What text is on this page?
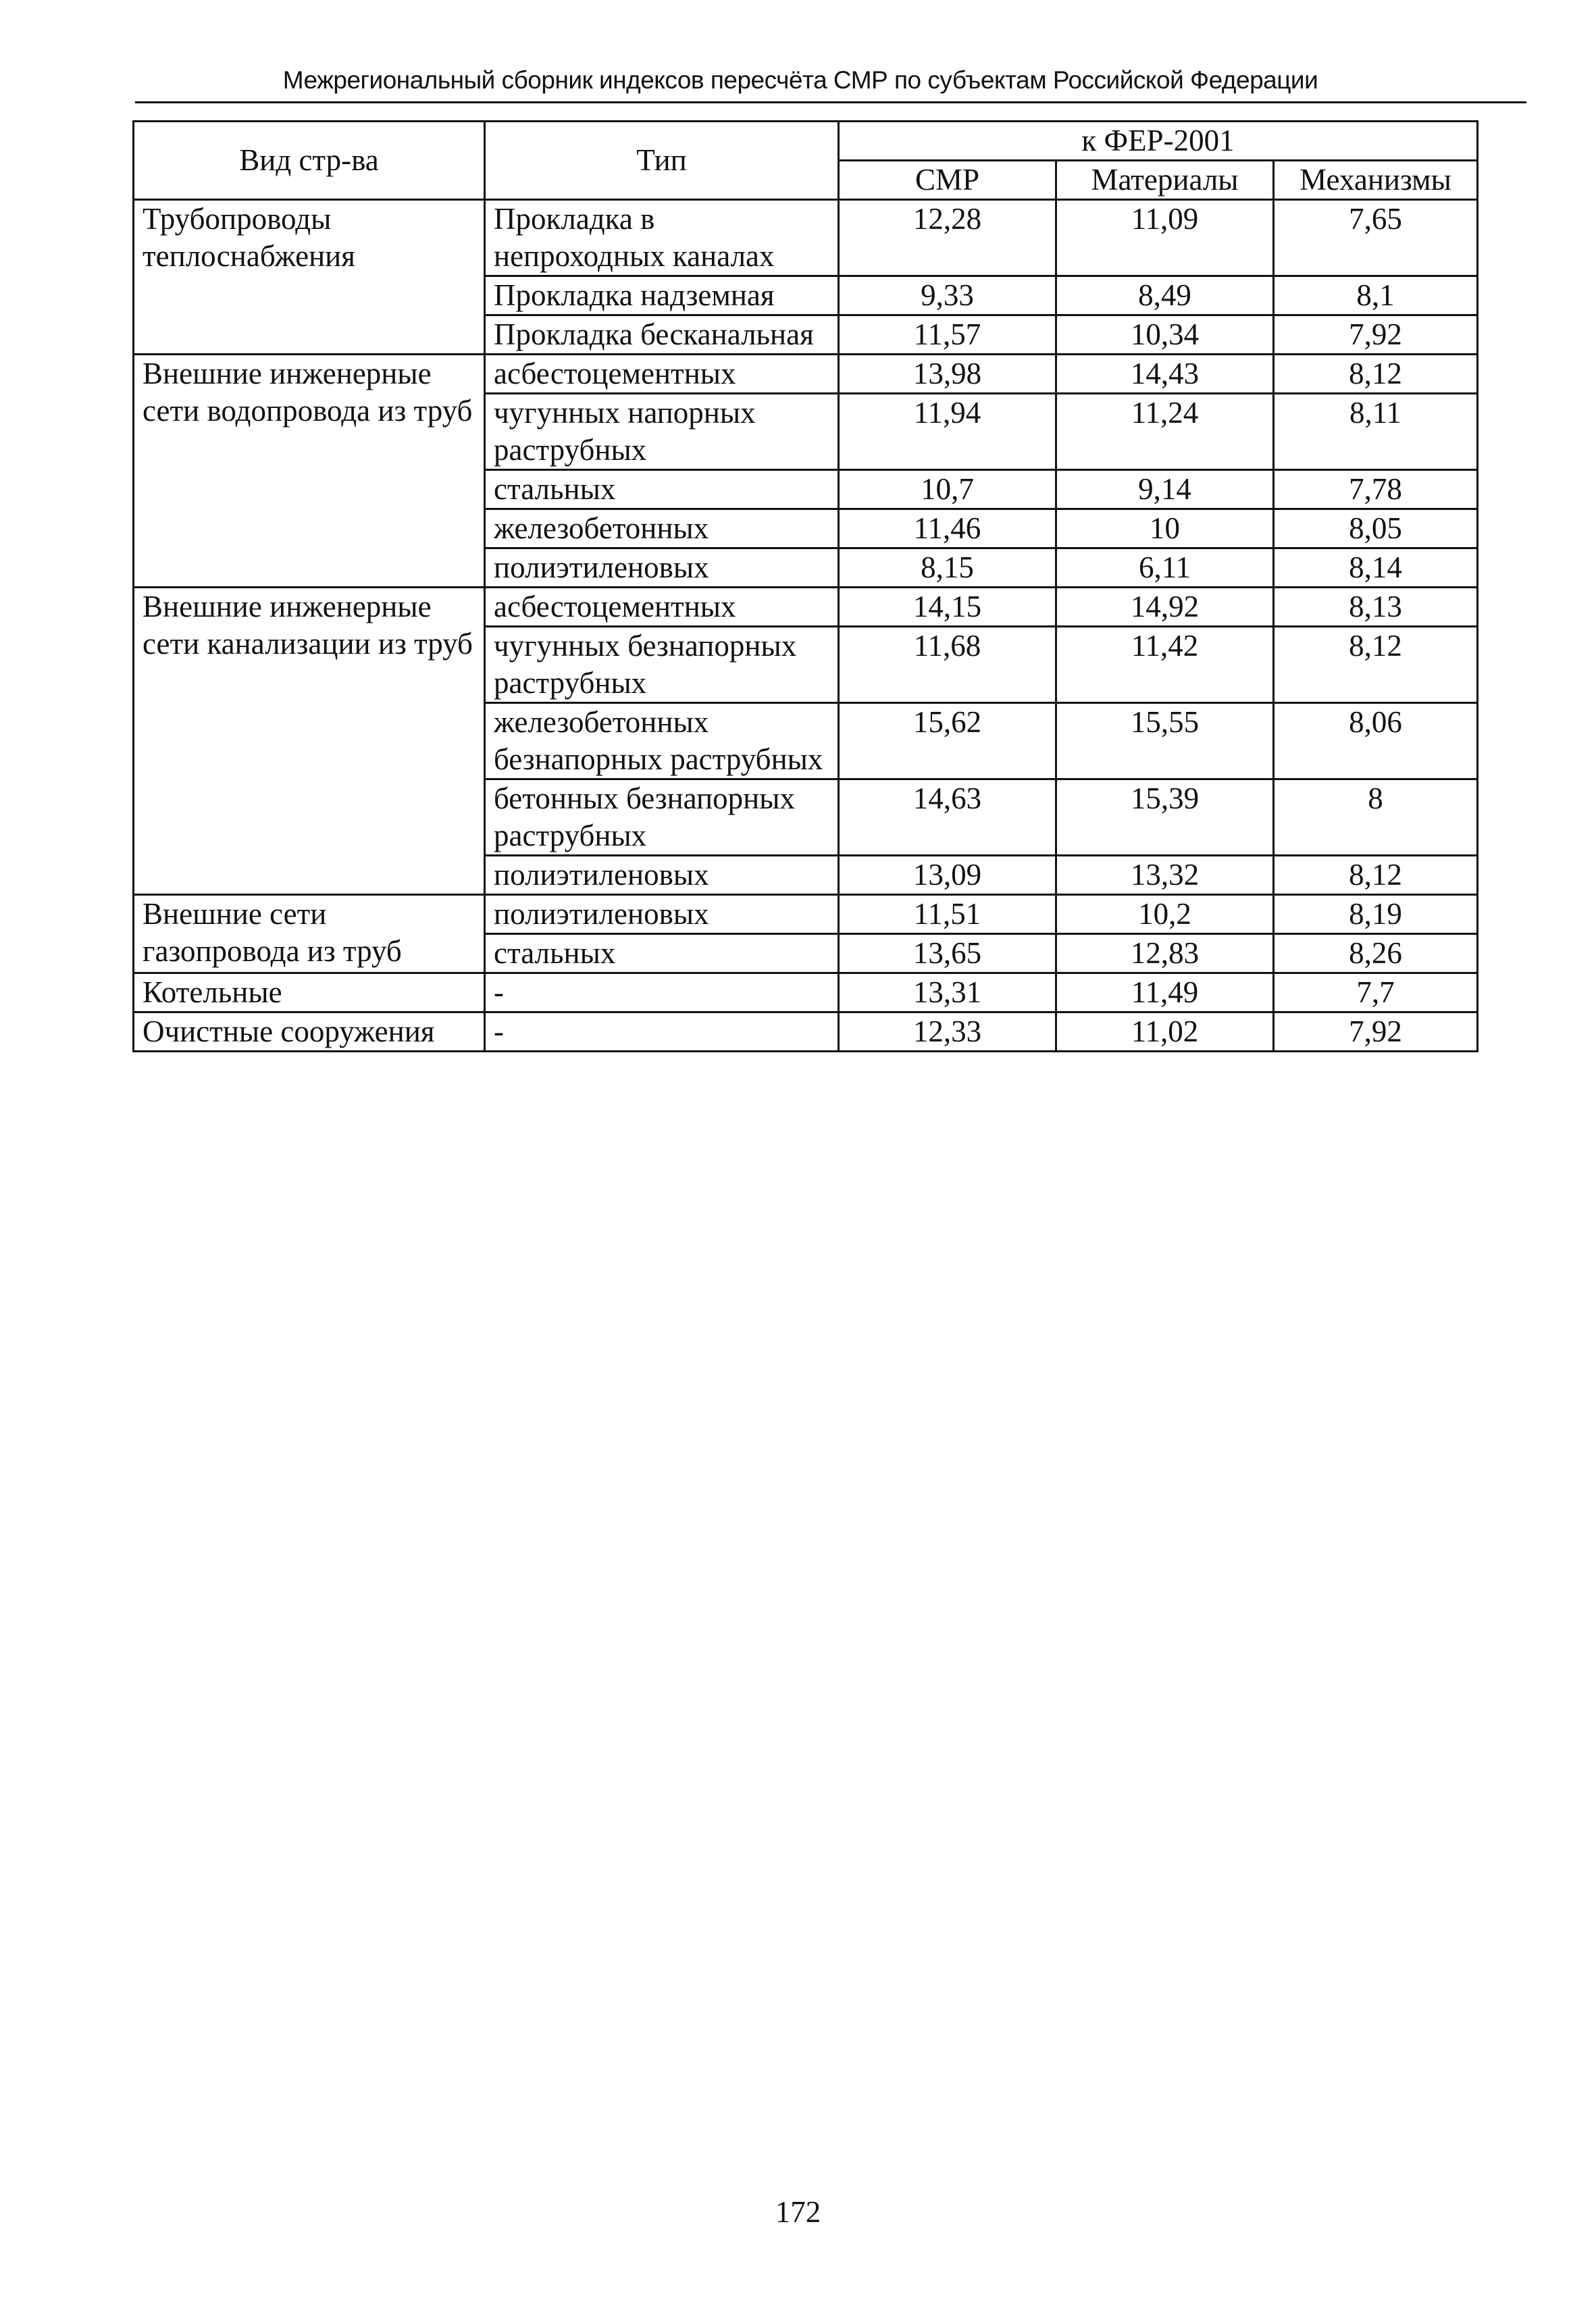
Межрегиональный сборник индексов пересчёта СМР по субъектам Российской Федерации
Вид стр-ва	Тип	к ФЕР-2001		
		СМР	Материалы	Механизмы
Трубопроводы теплоснабжения	Прокладка в непроходных каналах	12,28	11,09	7,65
	Прокладка надземная	9,33	8,49	8,1
	Прокладка бесканальная	11,57	10,34	7,92
Внешние инженерные сети водопровода из труб	асбестоцементных	13,98	14,43	8,12
	чугунных напорных раструбных	11,94	11,24	8,11
	стальных	10,7	9,14	7,78
	железобетонных	11,46	10	8,05
	полиэтиленовых	8,15	6,11	8,14
Внешние инженерные сети канализации из труб	асбестоцементных	14,15	14,92	8,13
	чугунных безнапорных раструбных	11,68	11,42	8,12
	железобетонных безнапорных раструбных	15,62	15,55	8,06
	бетонных безнапорных раструбных	14,63	15,39	8
	полиэтиленовых	13,09	13,32	8,12
Внешние сети газопровода из труб	полиэтиленовых	11,51	10,2	8,19
	стальных	13,65	12,83	8,26
Котельные	-	13,31	11,49	7,7
Очистные сооружения	-	12,33	11,02	7,92
172
